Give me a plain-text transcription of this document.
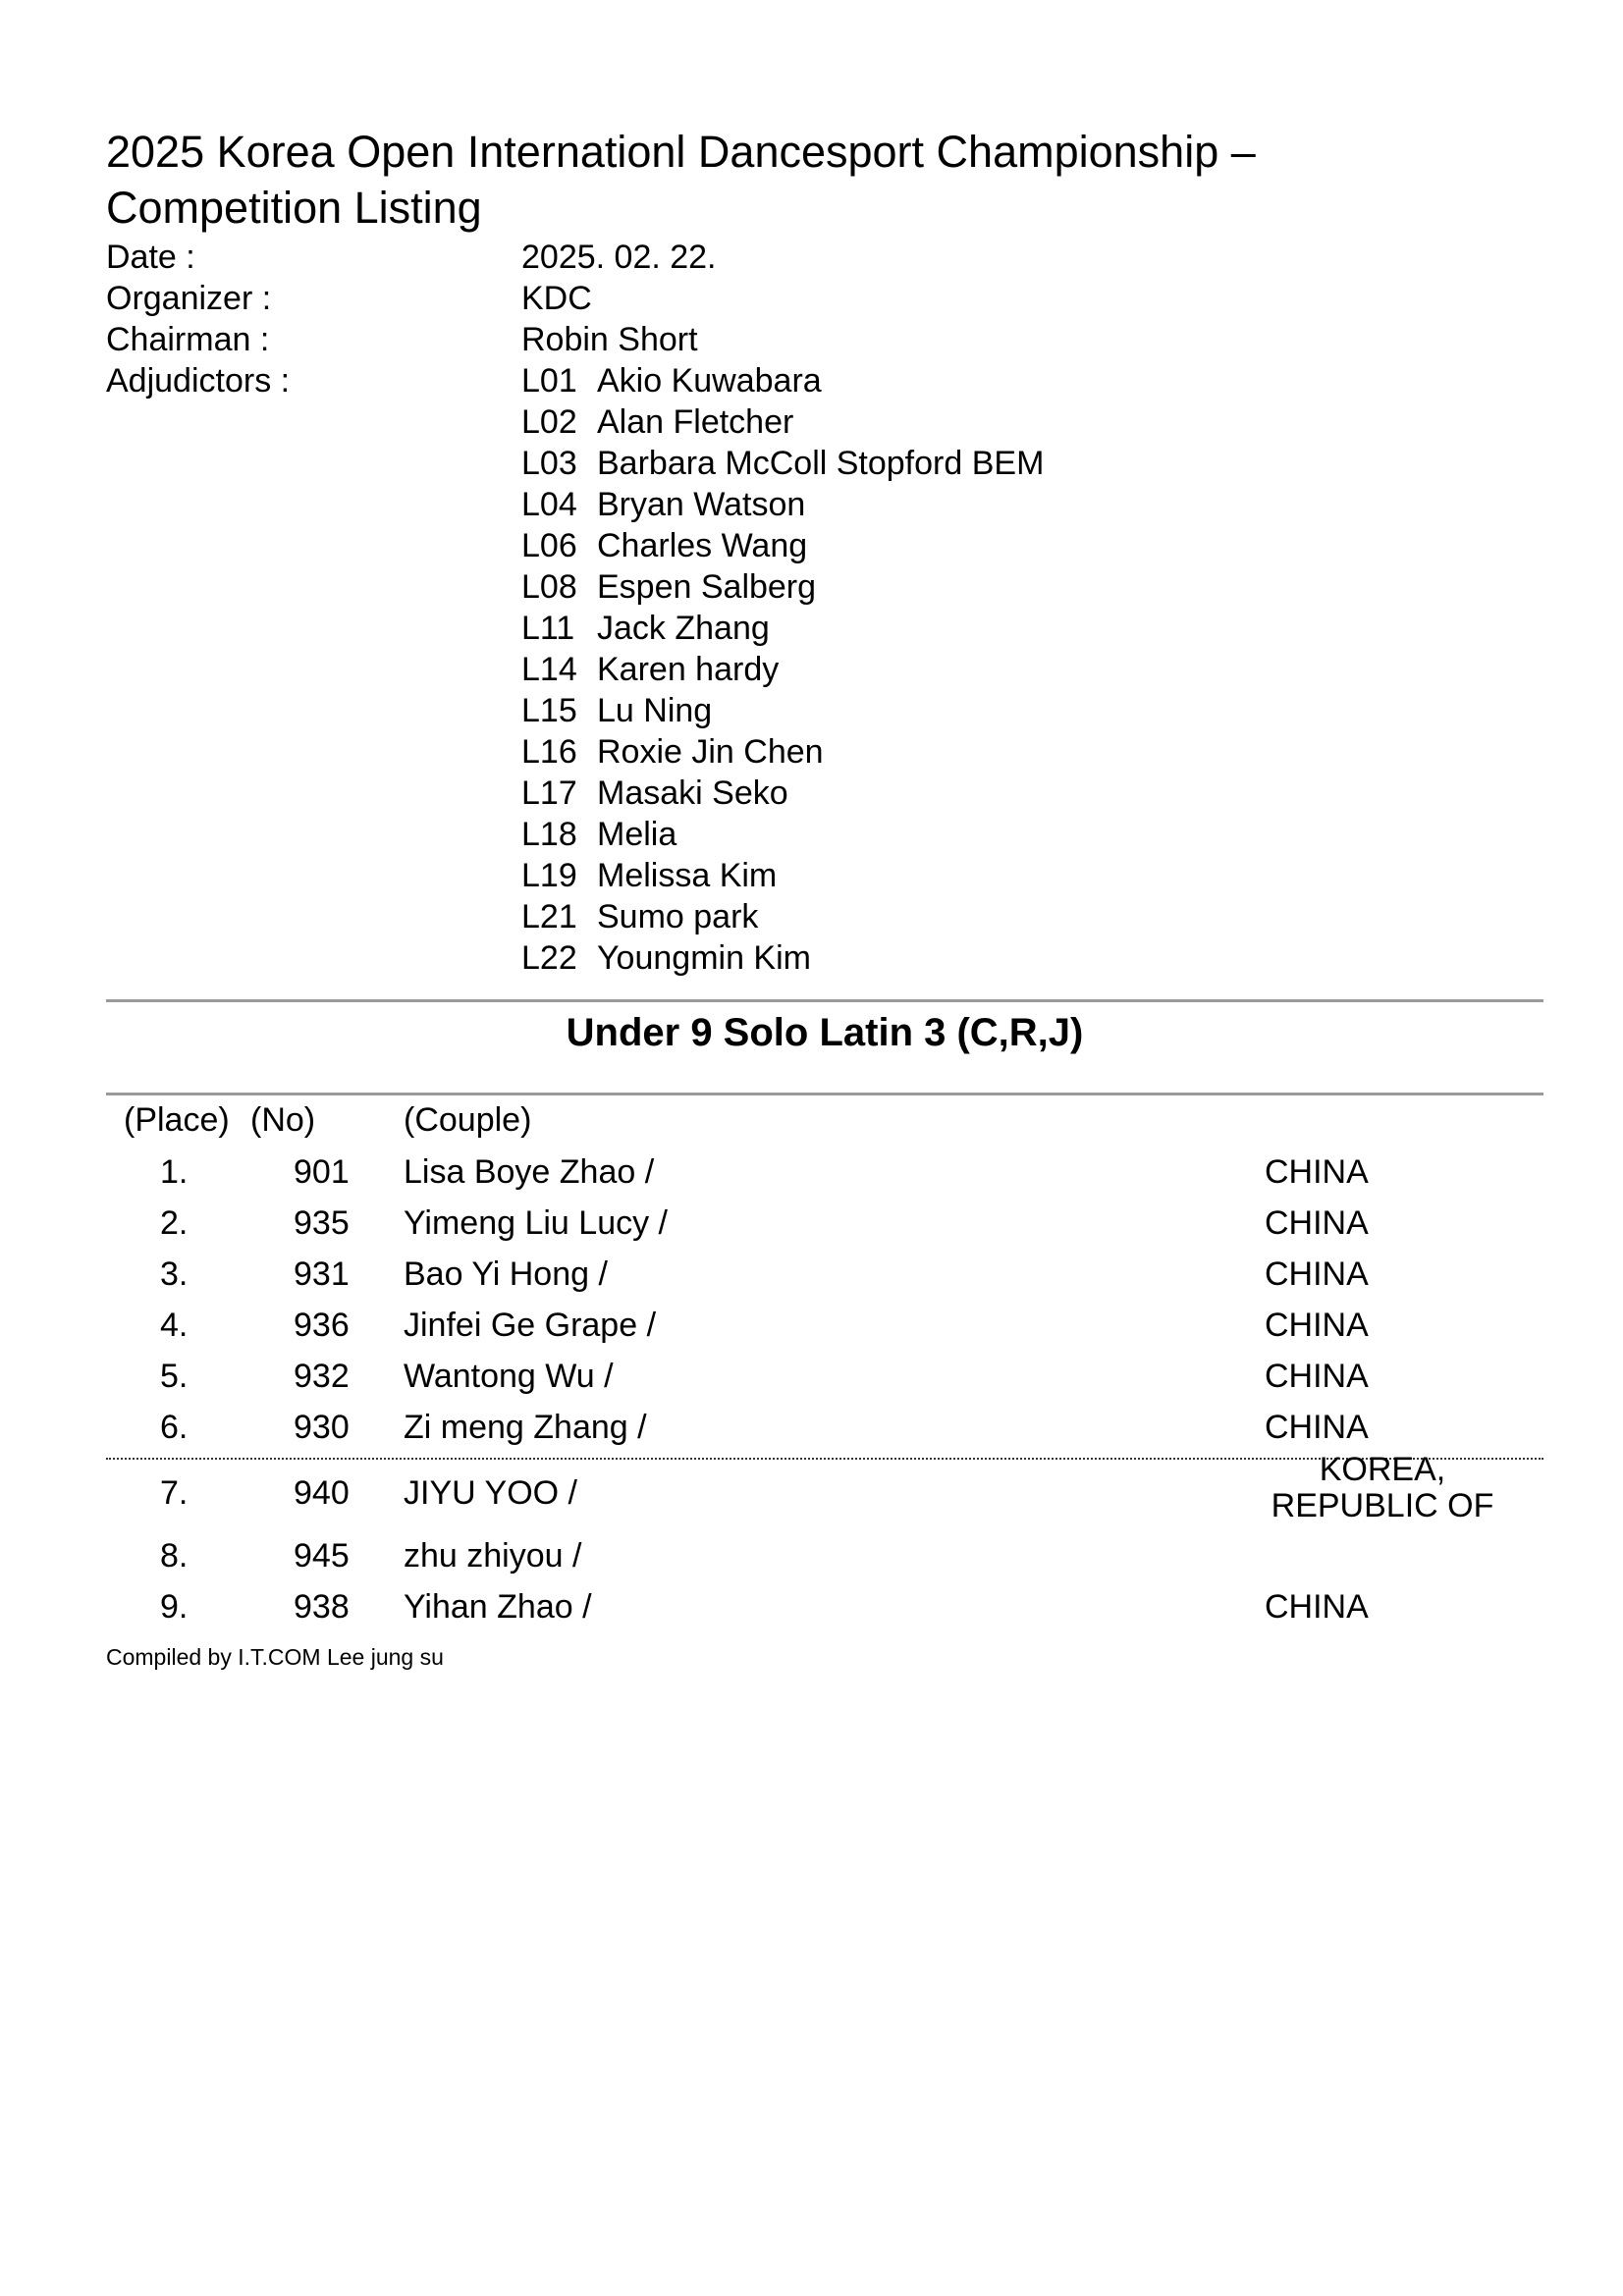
2025 Korea Open Internationl Dancesport Championship – Competition Listing
Date :	2025. 02. 22.
Organizer :	KDC
Chairman :	Robin Short
Adjudictors :	L01 Akio Kuwabara
L02 Alan Fletcher
L03 Barbara McColl Stopford BEM
L04 Bryan Watson
L06 Charles Wang
L08 Espen Salberg
L11 Jack Zhang
L14 Karen hardy
L15 Lu Ning
L16 Roxie Jin Chen
L17 Masaki Seko
L18 Melia
L19 Melissa Kim
L21 Sumo park
L22 Youngmin Kim
Under 9 Solo Latin 3 (C,R,J)
(Place) (No)	(Couple)
1.	901 Lisa Boye Zhao /	CHINA
2.	935 Yimeng Liu Lucy /	CHINA
3.	931 Bao Yi Hong /	CHINA
4.	936 Jinfei Ge Grape /	CHINA
5.	932 Wantong Wu /	CHINA
6.	930 Zi meng Zhang /	CHINA
7.	940 JIYU YOO /
KOREA, REPUBLIC OF
8.	945 zhu zhiyou /
9.	938 Yihan Zhao /	CHINA
Compiled by I.T.COM Lee jung su
